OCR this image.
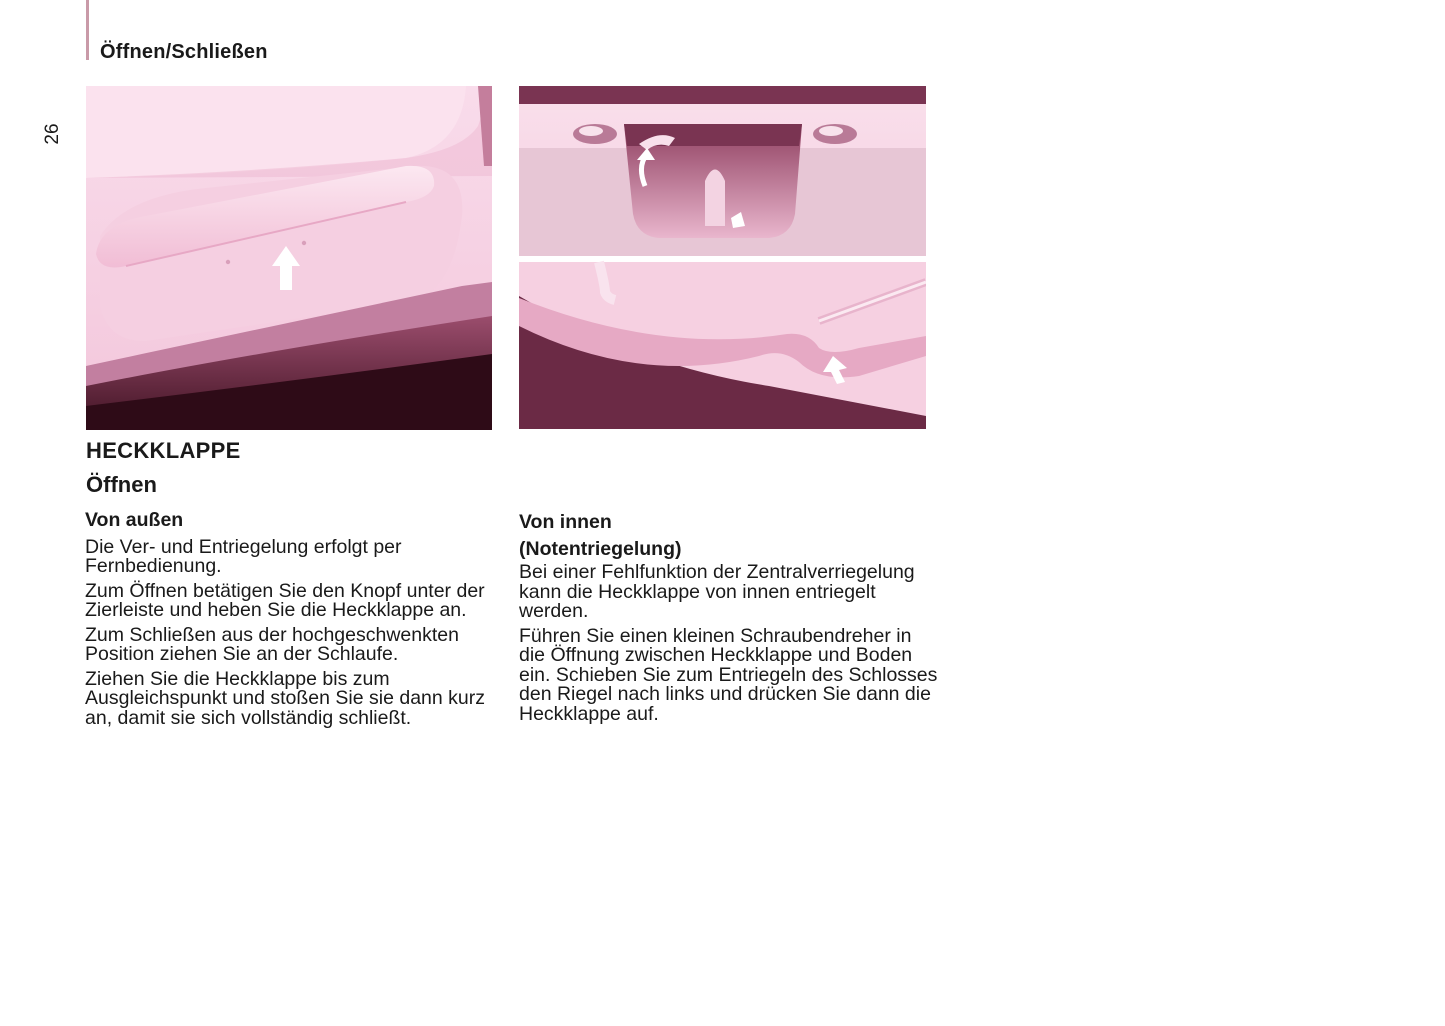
Öffnen/Schließen
26
HECKKLAPPE
Öffnen
Von außen

Die Ver- und Entriegelung erfolgt per Fernbedienung.

Zum Öffnen betätigen Sie den Knopf unter der Zierleiste und heben Sie die Heckklappe an.

Zum Schließen aus der hochgeschwenkten Position ziehen Sie an der Schlaufe.

Ziehen Sie die Heckklappe bis zum Ausgleichspunkt und stoßen Sie sie dann kurz an, damit sie sich vollständig schließt.

Von innen
(Notentriegelung)

Bei einer Fehlfunktion der Zentralverriegelung kann die Heckklappe von innen entriegelt werden.

Führen Sie einen kleinen Schraubendreher in die Öffnung zwischen Heckklappe und Boden ein. Schieben Sie zum Entriegeln des Schlosses den Riegel nach links und drücken Sie dann die Heckklappe auf.
